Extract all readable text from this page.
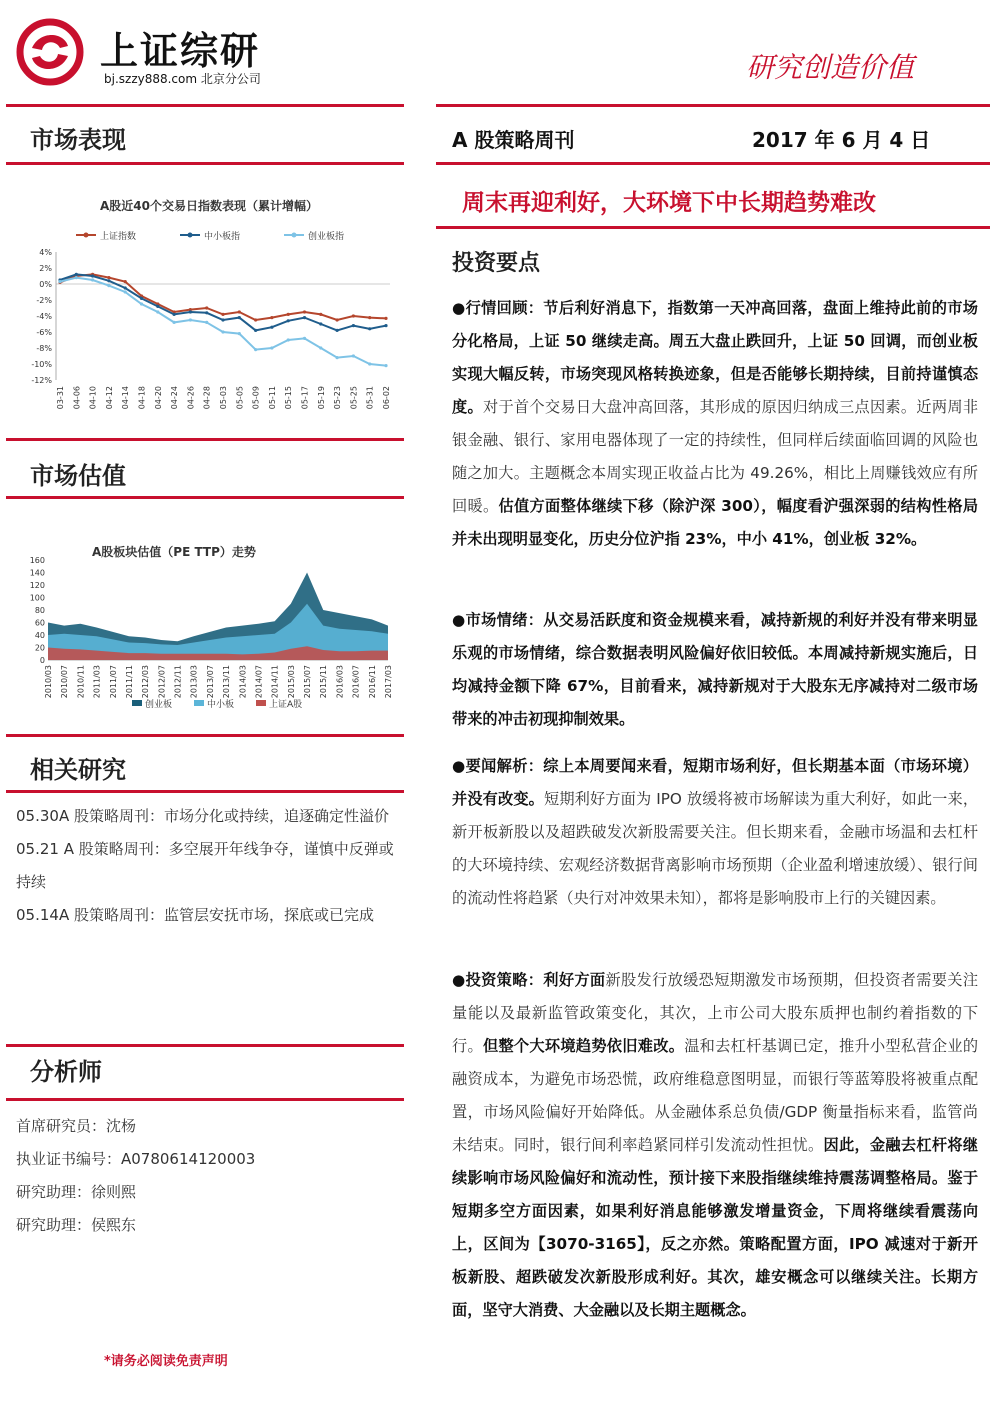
上证综研
bj.szzy888.com 北京分公司	研究创造价值
市场表现
A股近40个交易日指数表现（累计增幅）
上证指数	中小板指	创业板指
4%
2%
0%
-2%
-4%
-6%
-8%
-10%
-12%
03-31 04-06 04-10 04-12 04-14 04-18 04-20 04-24 04-26 04-28 05-03 05-05 05-09 05-11 05-15 05-17 05-19 05-23 05-25 05-31 06-02
市场估值
A股板块估值（PE TTP）走势
160
140
120
100
80
60
40
20
0
2010/03 2010/07 2010/11 2011/03 2011/07 2011/11 2012/03 2012/07 2012/11 2013/03 2013/07 2013/11 2014/03 2014/07 2014/11 2015/03 2015/07 2015/11 2016/03 2016/07 2016/11 2017/03
创业板	中小板	上证A股
相关研究
05.30A 股策略周刊：市场分化或持续，追逐确定性溢价
05.21 A 股策略周刊：多空展开年线争夺，谨慎中反弹或持续
05.14A 股策略周刊：监管层安抚市场，探底或已完成
分析师
首席研究员：沈杨
执业证书编号：A0780614120003
研究助理：徐则熙
研究助理：侯熙东
*请务必阅读免责声明
A 股策略周刊	2017 年 6 月 4 日
周末再迎利好，大环境下中长期趋势难改
投资要点
●行情回顾：节后利好消息下，指数第一天冲高回落，盘面上维持此前的市场分化格局，上证 50 继续走高。周五大盘止跌回升，上证 50 回调，而创业板实现大幅反转，市场突现风格转换迹象，但是否能够长期持续，目前持谨慎态度。对于首个交易日大盘冲高回落，其形成的原因归纳成三点因素。近两周非银金融、银行、家用电器体现了一定的持续性，但同样后续面临回调的风险也随之加大。主题概念本周实现正收益占比为 49.26%，相比上周赚钱效应有所回暖。估值方面整体继续下移（除沪深 300），幅度看沪强深弱的结构性格局并未出现明显变化，历史分位沪指 23%，中小 41%，创业板 32%。
●市场情绪：从交易活跃度和资金规模来看，减持新规的利好并没有带来明显乐观的市场情绪，综合数据表明风险偏好依旧较低。本周减持新规实施后，日均减持金额下降 67%，目前看来，减持新规对于大股东无序减持对二级市场带来的冲击初现抑制效果。
●要闻解析：综上本周要闻来看，短期市场利好，但长期基本面（市场环境）并没有改变。短期利好方面为 IPO 放缓将被市场解读为重大利好，如此一来，新开板新股以及超跌破发次新股需要关注。但长期来看，金融市场温和去杠杆的大环境持续、宏观经济数据背离影响市场预期（企业盈利增速放缓）、银行间的流动性将趋紧（央行对冲效果未知），都将是影响股市上行的关键因素。
●投资策略：利好方面新股发行放缓恐短期激发市场预期，但投资者需要关注量能以及最新监管政策变化，其次，上市公司大股东质押也制约着指数的下行。但整个大环境趋势依旧难改。温和去杠杆基调已定，推升小型私营企业的融资成本，为避免市场恐慌，政府维稳意图明显，而银行等蓝筹股将被重点配置，市场风险偏好开始降低。从金融体系总负债/GDP 衡量指标来看，监管尚未结束。同时，银行间利率趋紧同样引发流动性担忧。因此，金融去杠杆将继续影响市场风险偏好和流动性，预计接下来股指继续维持震荡调整格局。鉴于短期多空方面因素，如果利好消息能够激发增量资金，下周将继续看震荡向上，区间为【3070-3165】，反之亦然。策略配置方面，IPO 减速对于新开板新股、超跌破发次新股形成利好。其次，雄安概念可以继续关注。长期方面，坚守大消费、大金融以及长期主题概念。
